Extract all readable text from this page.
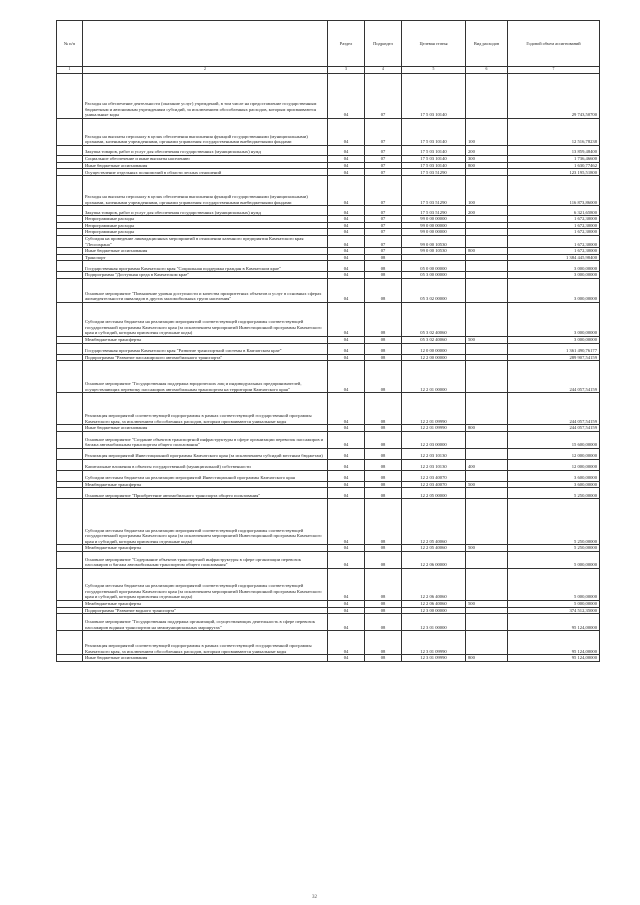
№ п/п		Раздел	Подраздел	Целевая статья	Вид расходов	Годовой объем ассигнований
1	2	3	4	5	6	7
	Расходы на обеспечение деятельности (оказание услуг) учреждений, в том числе на предоставление государственным бюджетным и автономным учреждениям субсидий, за исключением обособленных расходов, которым присваиваются уникальные коды	04	07	17 5 03 10140		29 743,50700
	Расходы на выплаты персоналу в целях обеспечения выполнения функций государственными (муниципальными) органами, казенными учреждениями, органами управления государственными внебюджетными фондами	04	07	17 5 03 10140	100	12 516,78238
	Закупка товаров, работ и услуг для обеспечения государственных (муниципальных) нужд	04	07	17 5 03 10140	200	13 859,48400
	Социальное обеспечение и иные выплаты населению	04	07	17 5 03 10140	300	1 736,46600
	Иные бюджетные ассигнования	04	07	17 5 03 10140	800	1 630,77462
	Осуществление отдельных полномочий в области лесных отношений	04	07	17 5 03 51290		123 195,51800
	Расходы на выплаты персоналу в целях обеспечения выполнения функций государственными (муниципальными) органами, казенными учреждениями, органами управления государственными внебюджетными фондами	04	07	17 5 03 51290	100	116 873,86000
	Закупка товаров, работ и услуг для обеспечения государственных (муниципальных) нужд	04	07	17 5 03 51290	200	6 321,65800
	Непрограммные расходы	04	07	99 0 00 00000		1 672,30000
	Непрограммные расходы	04	07	99 0 00 00000		1 672,30000
	Непрограммные расходы	04	07	99 0 00 00000		1 672,30000
	Субсидия на проведение ликвидационных мероприятий в отношении казенного предприятия Камчатского края "Лесоохрана"	04	07	99 0 00 10530		1 672,30000
	Иные бюджетные ассигнования	04	07	99 0 00 10530	800	1 672,30000
	Транспорт	04	08			1 384 445,98400
	Государственная программа Камчатского края "Социальная поддержка граждан в Камчатском крае"	04	08	05 0 00 00000		3 000,00000
	Подпрограмма "Доступная среда в Камчатском крае"	04	08	05 3 00 00000		3 000,00000
	Основное мероприятие "Повышение уровня доступности и качества приоритетных объектов и услуг в основных сферах жизнедеятельности инвалидов в других маломобильных групп населения"	04	08	05 3 02 00000		3 000,00000
	Субсидии местным бюджетам на реализацию мероприятий соответствующей подпрограммы соответствующей государственной программы Камчатского края (за исключением мероприятий Инвестиционной программы Камчатского края и субсидий, которым присвоены отдельные коды)	04	08	05 3 02 40060		3 000,00000
	Межбюджетные трансферты	04	08	05 3 02 40060	500	3 000,00000
	Государственная программа Камчатского края "Развитие транспортной системы в Камчатском крае"	04	08	12 0 00 00000		1 361 490,76177
	Подпрограмма "Развитие пассажирского автомобильного транспорта"	04	08	12 2 00 00000		289 907,54159
	Основное мероприятие "Государственная поддержка юридических лиц и индивидуальных предпринимателей, осуществляющих перевозку пассажиров автомобильным транспортом на территории Камчатского края"	04	08	12 2 01 00000		244 057,54159
	Реализация мероприятий соответствующей подпрограммы в рамках соответствующей государственной программы Камчатского края, за исключением обособленных расходов, которым присваиваются уникальные коды	04	08	12 2 01 09990		244 057,54159
	Иные бюджетные ассигнования	04	08	12 2 01 09990	800	244 057,54159
	Основное мероприятие "Создание объектов транспортной инфраструктуры в сфере организации перевозок пассажиров и багажа автомобильным транспортом общего пользования"	04	08	12 2 03 00000		15 600,00000
	Реализация мероприятий Инвестиционной программы Камчатского края (за исключением субсидий местным бюджетам)	04	08	12 2 03 10130		12 000,00000
	Капитальные вложения в объекты государственной (муниципальной) собственности	04	08	12 2 03 10130	400	12 000,00000
	Субсидии местным бюджетам на реализацию мероприятий Инвестиционной программы Камчатского края	04	08	12 2 03 40070		3 600,00000
	Межбюджетные трансферты	04	08	12 2 03 40070	500	3 600,00000
	Основное мероприятие "Приобретение автомобильного транспорта общего пользования"	04	08	12 2 05 00000		5 250,00000
	Субсидии местным бюджетам на реализацию мероприятий соответствующей подпрограммы соответствующей государственной программы Камчатского края (за исключением мероприятий Инвестиционной программы Камчатского края и субсидий, которым присвоены отдельные коды)	04	08	12 2 05 40060		5 250,00000
	Межбюджетные трансферты	04	08	12 2 05 40060	500	5 250,00000
	Основное мероприятие "Содержание объектов транспортной инфраструктуры в сфере организации перевозок пассажиров и багажа автомобильным транспортом общего пользования"	04	08	12 2 06 00000		5 000,00000
	Субсидии местным бюджетам на реализацию мероприятий соответствующей подпрограммы соответствующей государственной программы Камчатского края (за исключением мероприятий Инвестиционной программы Камчатского края и субсидий, которым присвоены отдельные коды)	04	08	12 2 06 40060		5 000,00000
	Межбюджетные трансферты	04	08	12 2 06 40060	500	5 000,00000
	Подпрограмма "Развитие водного транспорта"	04	08	12 3 00 00000		374 512,35000
	Основное мероприятие "Государственная поддержка организаций, осуществляющих деятельность в сфере перевозок пассажиров водным транспортом на межмуниципальных маршрутах"	04	08	12 3 01 00000		95 124,00000
	Реализация мероприятий соответствующей подпрограммы в рамках соответствующей государственной программы Камчатского края, за исключением обособленных расходов, которым присваиваются уникальные коды	04	08	12 3 01 09990		95 124,00000
	Иные бюджетные ассигнования	04	08	12 3 01 09990	800	95 124,00000
32
